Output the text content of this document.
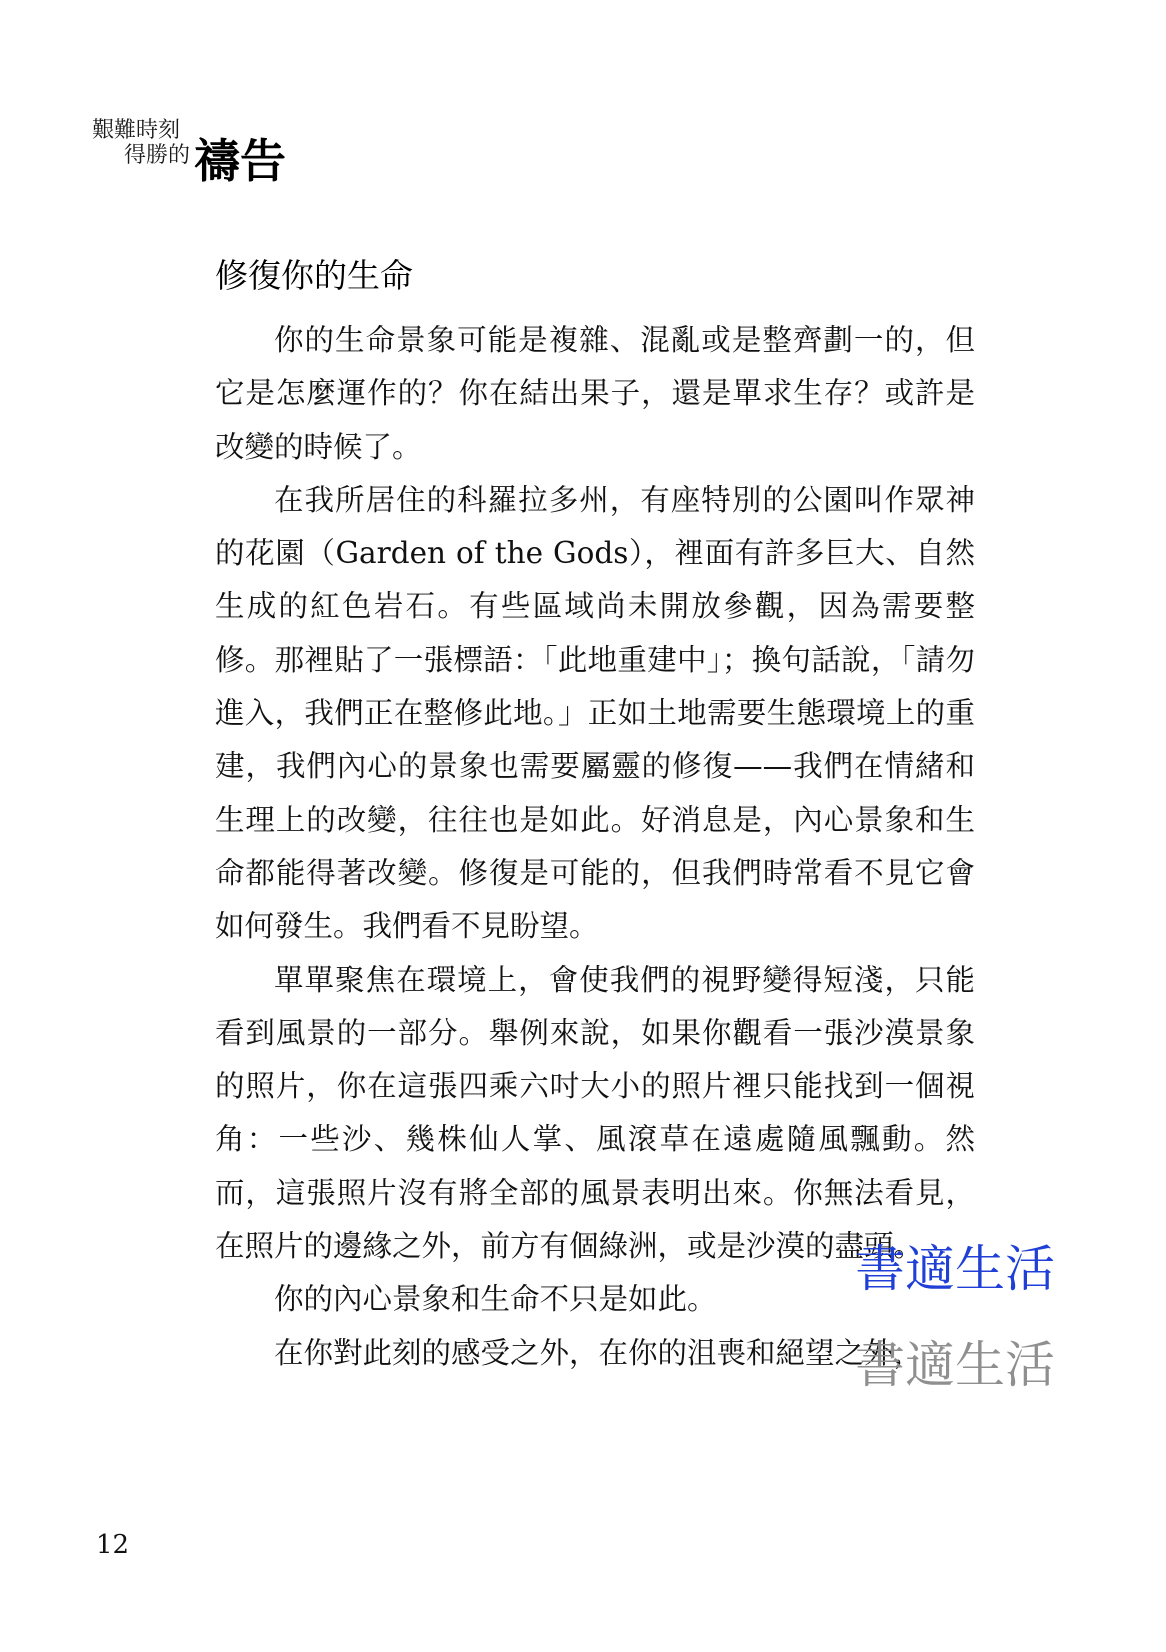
艱難時刻
得勝的 禱告
修復你的生命

你的生命景象可能是複雜、混亂或是整齊劃一的，但它是怎麼運作的？你在結出果子，還是單求生存？或許是改變的時候了。

在我所居住的科羅拉多州，有座特別的公園叫作眾神的花園（Garden of the Gods），裡面有許多巨大、自然生成的紅色岩石。有些區域尚未開放參觀，因為需要整修。那裡貼了一張標語：「此地重建中」；換句話說，「請勿進入，我們正在整修此地。」正如土地需要生態環境上的重建，我們內心的景象也需要屬靈的修復——我們在情緒和生理上的改變，往往也是如此。好消息是，內心景象和生命都能得著改變。修復是可能的，但我們時常看不見它會如何發生。我們看不見盼望。

單單聚焦在環境上，會使我們的視野變得短淺，只能看到風景的一部分。舉例來說，如果你觀看一張沙漠景象的照片，你在這張四乘六吋大小的照片裡只能找到一個視角：一些沙、幾株仙人掌、風滾草在遠處隨風飄動。然而，這張照片沒有將全部的風景表明出來。你無法看見，在照片的邊緣之外，前方有個綠洲，或是沙漠的盡頭。

你的內心景象和生命不只是如此。

在你對此刻的感受之外，在你的沮喪和絕望之外，

12
書適生活
書適生活
